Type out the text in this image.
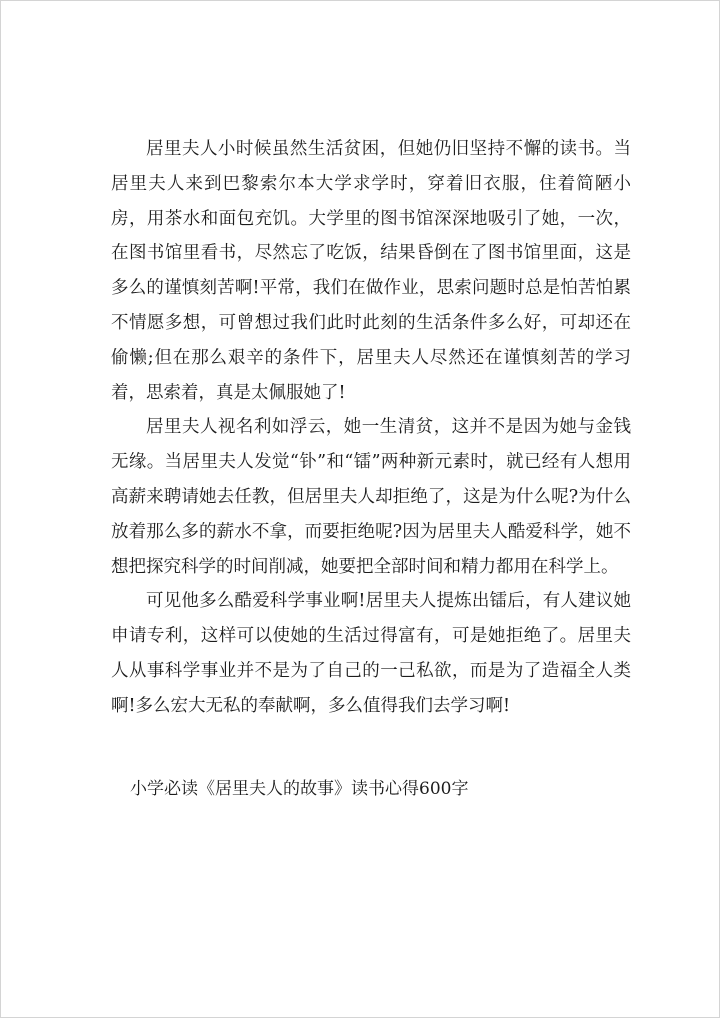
居里夫人小时候虽然生活贫困，但她仍旧坚持不懈的读书。当居里夫人来到巴黎索尔本大学求学时，穿着旧衣服，住着简陋小房，用茶水和面包充饥。大学里的图书馆深深地吸引了她，一次，在图书馆里看书，尽然忘了吃饭，结果昏倒在了图书馆里面，这是多么的谨慎刻苦啊!平常，我们在做作业，思索问题时总是怕苦怕累不情愿多想，可曾想过我们此时此刻的生活条件多么好，可却还在偷懒;但在那么艰辛的条件下，居里夫人尽然还在谨慎刻苦的学习着，思索着，真是太佩服她了!

居里夫人视名利如浮云，她一生清贫，这并不是因为她与金钱无缘。当居里夫人发觉“钋”和“镭”两种新元素时，就已经有人想用高薪来聘请她去任教，但居里夫人却拒绝了，这是为什么呢?为什么放着那么多的薪水不拿，而要拒绝呢?因为居里夫人酷爱科学，她不想把探究科学的时间削减，她要把全部时间和精力都用在科学上。

可见他多么酷爱科学事业啊!居里夫人提炼出镭后，有人建议她申请专利，这样可以使她的生活过得富有，可是她拒绝了。居里夫人从事科学事业并不是为了自己的一己私欲，而是为了造福全人类啊!多么宏大无私的奉献啊，多么值得我们去学习啊!

小学必读《居里夫人的故事》读书心得600字
